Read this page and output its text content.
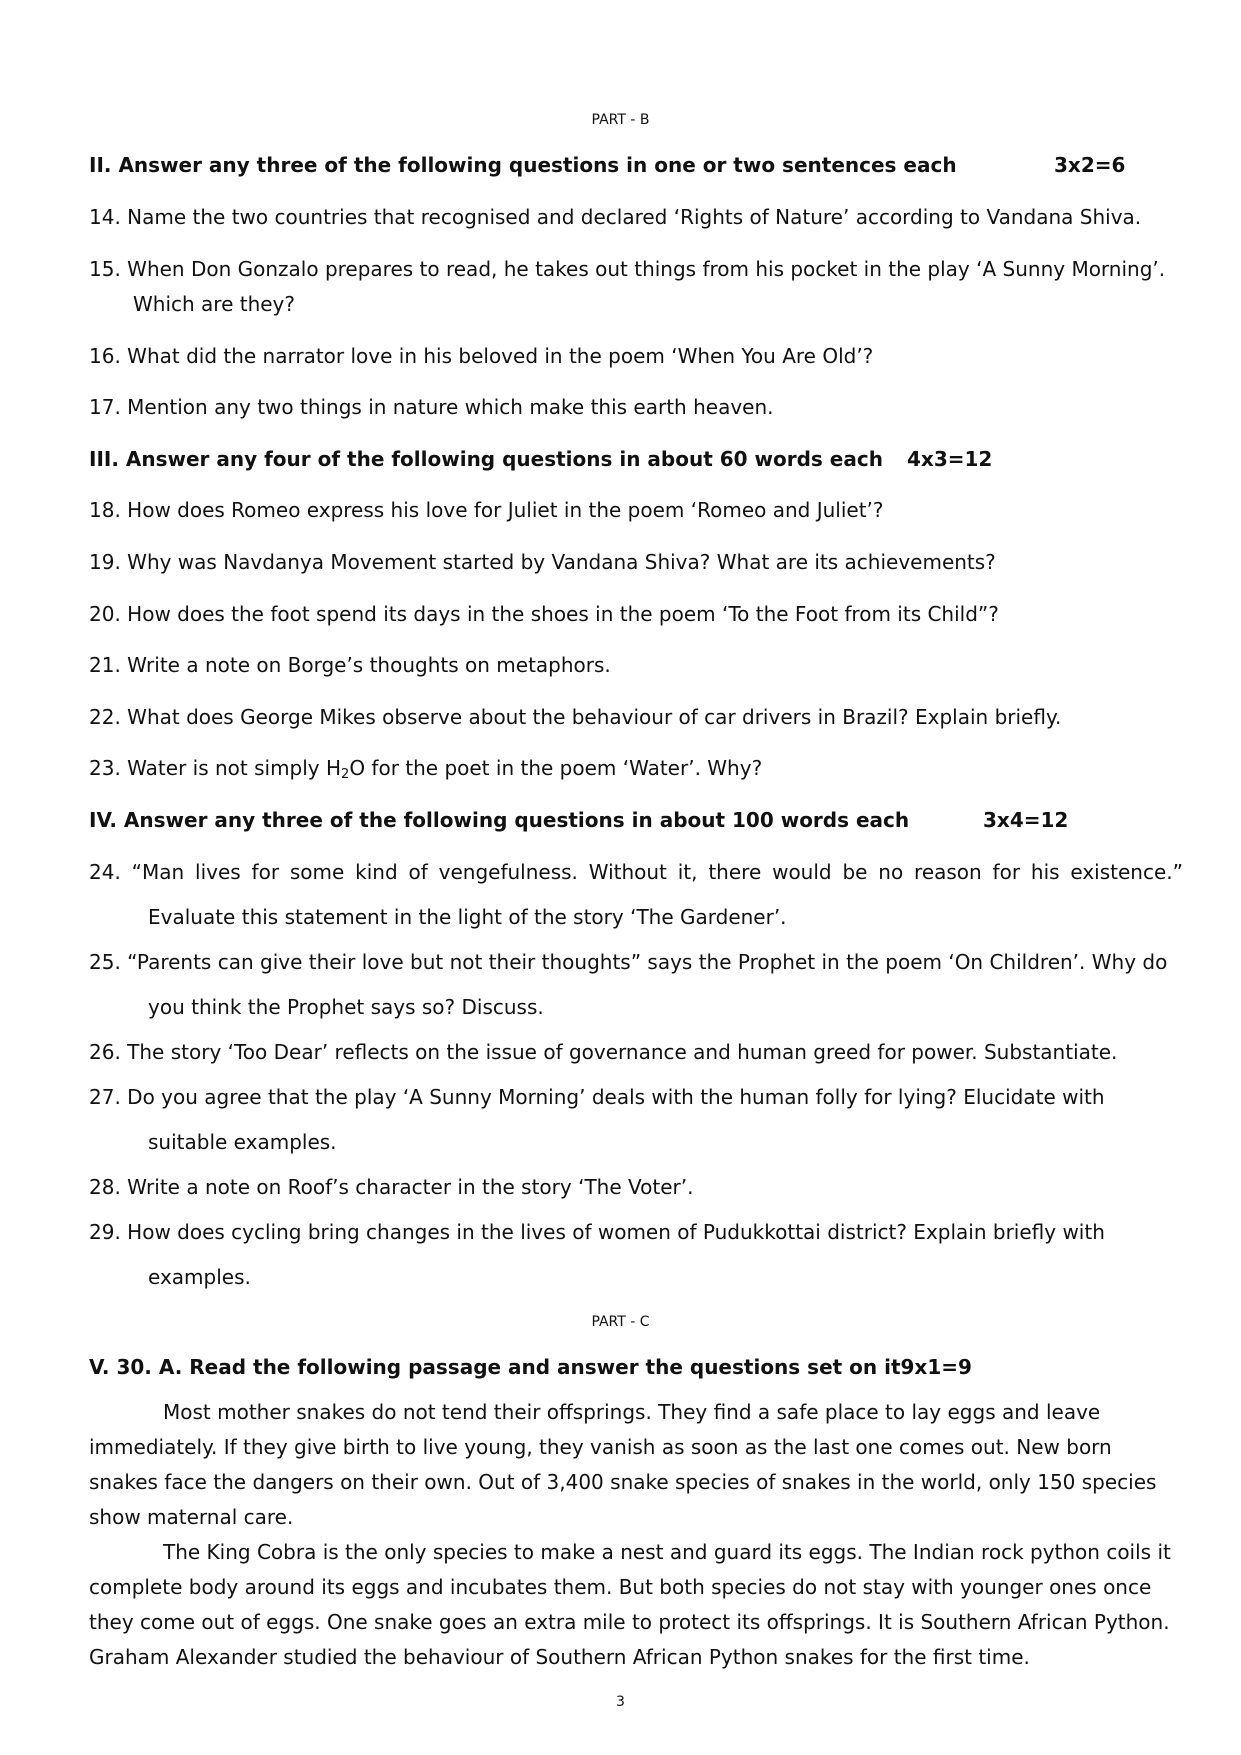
PART - B
II. Answer any three of the following questions in one or two sentences each	3x2=6
14. Name the two countries that recognised and declared ‘Rights of Nature’ according to Vandana Shiva.
15. When Don Gonzalo prepares to read, he takes out things from his pocket in the play ‘A Sunny Morning’.
Which are they?
16. What did the narrator love in his beloved in the poem ‘When You Are Old’?
17. Mention any two things in nature which make this earth heaven.
III. Answer any four of the following questions in about 60 words each 4x3=12
18. How does Romeo express his love for Juliet in the poem ‘Romeo and Juliet’?
19. Why was Navdanya Movement started by Vandana Shiva? What are its achievements?
20. How does the foot spend its days in the shoes in the poem ‘To the Foot from its Child”?
21. Write a note on Borge’s thoughts on metaphors.
22. What does George Mikes observe about the behaviour of car drivers in Brazil? Explain briefly.
23. Water is not simply $H_2O$ for the poet in the poem ‘Water’. Why?
IV. Answer any three of the following questions in about 100 words each	3x4=12
24. “Man lives for some kind of vengefulness. Without it, there would be no reason for his existence.”
Evaluate this statement in the light of the story ‘The Gardener’.
25. “Parents can give their love but not their thoughts” says the Prophet in the poem ‘On Children’. Why do
you think the Prophet says so? Discuss.
26. The story ‘Too Dear’ reflects on the issue of governance and human greed for power. Substantiate.
27. Do you agree that the play ‘A Sunny Morning’ deals with the human folly for lying? Elucidate with
suitable examples.
28. Write a note on Roof’s character in the story ‘The Voter’.
29. How does cycling bring changes in the lives of women of Pudukkottai district? Explain briefly with
examples.
PART - C
V. 30. A. Read the following passage and answer the questions set on it9x1=9
Most mother snakes do not tend their offsprings. They find a safe place to lay eggs and leave
immediately. If they give birth to live young, they vanish as soon as the last one comes out. New born
snakes face the dangers on their own. Out of 3,400 snake species of snakes in the world, only 150 species
show maternal care.
The King Cobra is the only species to make a nest and guard its eggs. The Indian rock python coils it
complete body around its eggs and incubates them. But both species do not stay with younger ones once
they come out of eggs. One snake goes an extra mile to protect its offsprings. It is Southern African Python.
Graham Alexander studied the behaviour of Southern African Python snakes for the first time.
3
